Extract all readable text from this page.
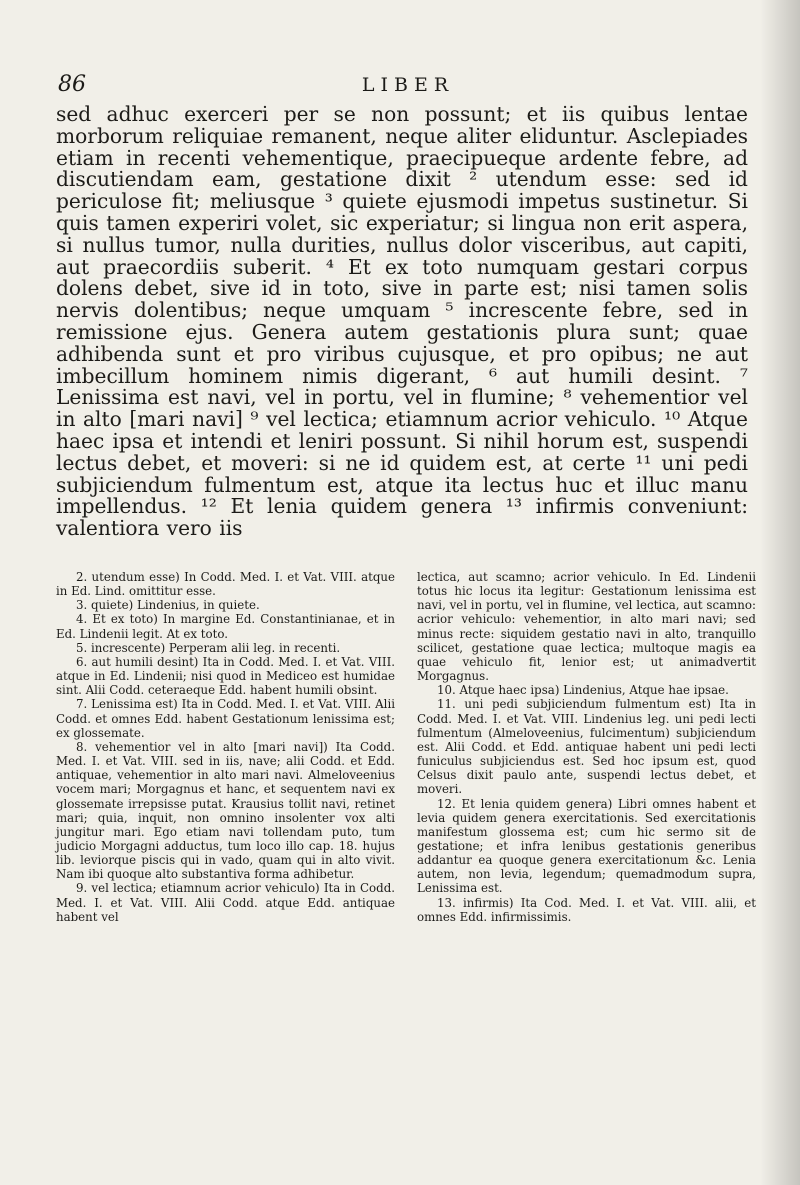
86	LIBER
sed adhuc exerceri per se non possunt; et iis quibus lentae morborum reliquiae remanent, neque aliter eliduntur. Asclepiades etiam in recenti vehementique, praecipueque ardente febre, ad discutiendam eam, gestatione dixit ² utendum esse: sed id periculose fit; meliusque ³ quiete ejusmodi impetus sustinetur. Si quis tamen experiri volet, sic experiatur; si lingua non erit aspera, si nullus tumor, nulla durities, nullus dolor visceribus, aut capiti, aut praecordiis suberit. ⁴ Et ex toto numquam gestari corpus dolens debet, sive id in toto, sive in parte est; nisi tamen solis nervis dolentibus; neque umquam ⁵ increscente febre, sed in remissione ejus. Genera autem gestationis plura sunt; quae adhibenda sunt et pro viribus cujusque, et pro opibus; ne aut imbecillum hominem nimis digerant, ⁶ aut humili desint. ⁷ Lenissima est navi, vel in portu, vel in flumine; ⁸ vehementior vel in alto [mari navi] ⁹ vel lectica; etiamnum acrior vehiculo. ¹⁰ Atque haec ipsa et intendi et leniri possunt. Si nihil horum est, suspendi lectus debet, et moveri: si ne id quidem est, at certe ¹¹ uni pedi subjiciendum fulmentum est, atque ita lectus huc et illuc manu impellendus. ¹² Et lenia quidem genera ¹³ infirmis conveniunt: valentiora vero iis

2. utendum esse) In Codd. Med. I. et Vat. VIII. atque in Ed. Lind. omittitur esse.

3. quiete) Lindenius, in quiete.

4. Et ex toto) In margine Ed. Constantinianae, et in Ed. Lindenii legit. At ex toto.

5. increscente) Perperam alii leg. in recenti.

6. aut humili desint) Ita in Codd. Med. I. et Vat. VIII. atque in Ed. Lindenii; nisi quod in Mediceo est humidae sint. Alii Codd. ceteraeque Edd. habent humili obsint.

7. Lenissima est) Ita in Codd. Med. I. et Vat. VIII. Alii Codd. et omnes Edd. habent Gestationum lenissima est; ex glossemate.

8. vehementior vel in alto [mari navi]) Ita Codd. Med. I. et Vat. VIII. sed in iis, nave; alii Codd. et Edd. antiquae, vehementior in alto mari navi. Almeloveenius vocem mari; Morgagnus et hanc, et sequentem navi ex glossemate irrepsisse putat. Krausius tollit navi, retinet mari; quia, inquit, non omnino insolenter vox alti jungitur mari. Ego etiam navi tollendam puto, tum judicio Morgagni adductus, tum loco illo cap. 18. hujus lib. leviorque piscis qui in vado, quam qui in alto vivit. Nam ibi quoque alto substantiva forma adhibetur.

9. vel lectica; etiamnum acrior vehiculo) Ita in Codd. Med. I. et Vat. VIII. Alii Codd. atque Edd. antiquae habent vel

lectica, aut scamno; acrior vehiculo. In Ed. Lindenii totus hic locus ita legitur: Gestationum lenissima est navi, vel in portu, vel in flumine, vel lectica, aut scamno: acrior vehiculo: vehementior, in alto mari navi; sed minus recte: siquidem gestatio navi in alto, tranquillo scilicet, gestatione quae lectica; multoque magis ea quae vehiculo fit, lenior est; ut animadvertit Morgagnus.

10. Atque haec ipsa) Lindenius, Atque hae ipsae.

11. uni pedi subjiciendum fulmentum est) Ita in Codd. Med. I. et Vat. VIII. Lindenius leg. uni pedi lecti fulmentum (Almeloveenius, fulcimentum) subjiciendum est. Alii Codd. et Edd. antiquae habent uni pedi lecti funiculus subjiciendus est. Sed hoc ipsum est, quod Celsus dixit paulo ante, suspendi lectus debet, et moveri.

12. Et lenia quidem genera) Libri omnes habent et levia quidem genera exercitationis. Sed exercitationis manifestum glossema est; cum hic sermo sit de gestatione; et infra lenibus gestationis generibus addantur ea quoque genera exercitationum &c. Lenia autem, non levia, legendum; quemadmodum supra, Lenissima est.

13. infirmis) Ita Cod. Med. I. et Vat. VIII. alii, et omnes Edd. infirmissimis.
